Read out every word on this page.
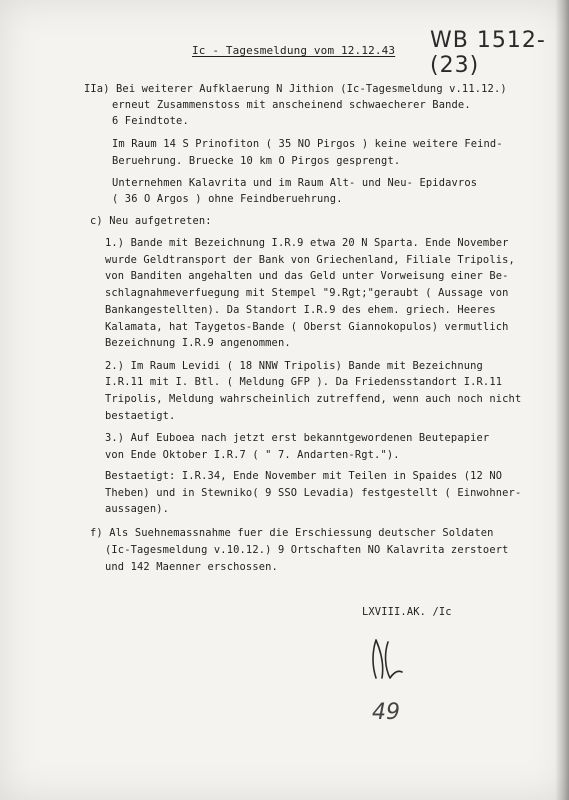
Ic - Tagesmeldung vom 12.12.43 WB 1512-(23)
IIa) Bei weiterer Aufklaerung N Jithion (Ic-Tagesmeldung v.11.12.)
erneut Zusammenstoss mit anscheinend schwaecherer Bande.
6 Feindtote.
Im Raum 14 S Prinofiton ( 35 NO Pirgos ) keine weitere Feind-
Beruehrung. Bruecke 10 km O Pirgos gesprengt.
Unternehmen Kalavrita und im Raum Alt- und Neu- Epidavros
( 36 O Argos ) ohne Feindberuehrung.
c) Neu aufgetreten:
1.) Bande mit Bezeichnung I.R.9 etwa 20 N Sparta. Ende November
wurde Geldtransport der Bank von Griechenland, Filiale Tripolis,
von Banditen angehalten und das Geld unter Vorweisung einer Be-
schlagnahmeverfuegung mit Stempel "9.Rgt;"geraubt ( Aussage von
Bankangestellten). Da Standort I.R.9 des ehem. griech. Heeres
Kalamata, hat Taygetos-Bande ( Oberst Giannokopulos) vermutlich
Bezeichnung I.R.9 angenommen.
2.) Im Raum Levidi ( 18 NNW Tripolis) Bande mit Bezeichnung
I.R.11 mit I. Btl. ( Meldung GFP ). Da Friedensstandort I.R.11
Tripolis, Meldung wahrscheinlich zutreffend, wenn auch noch nicht
bestaetigt.
3.) Auf Euboea nach jetzt erst bekanntgewordenen Beutepapier
von Ende Oktober I.R.7 ( " 7. Andarten-Rgt.").
Bestaetigt: I.R.34, Ende November mit Teilen in Spaides (12 NO
Theben) und in Stewniko( 9 SSO Levadia) festgestellt ( Einwohner-
aussagen).
f) Als Suehnemassnahme fuer die Erschiessung deutscher Soldaten
(Ic-Tagesmeldung v.10.12.) 9 Ortschaften NO Kalavrita zerstoert
und 142 Maenner erschossen.
LXVIII.AK. /Ic
49
